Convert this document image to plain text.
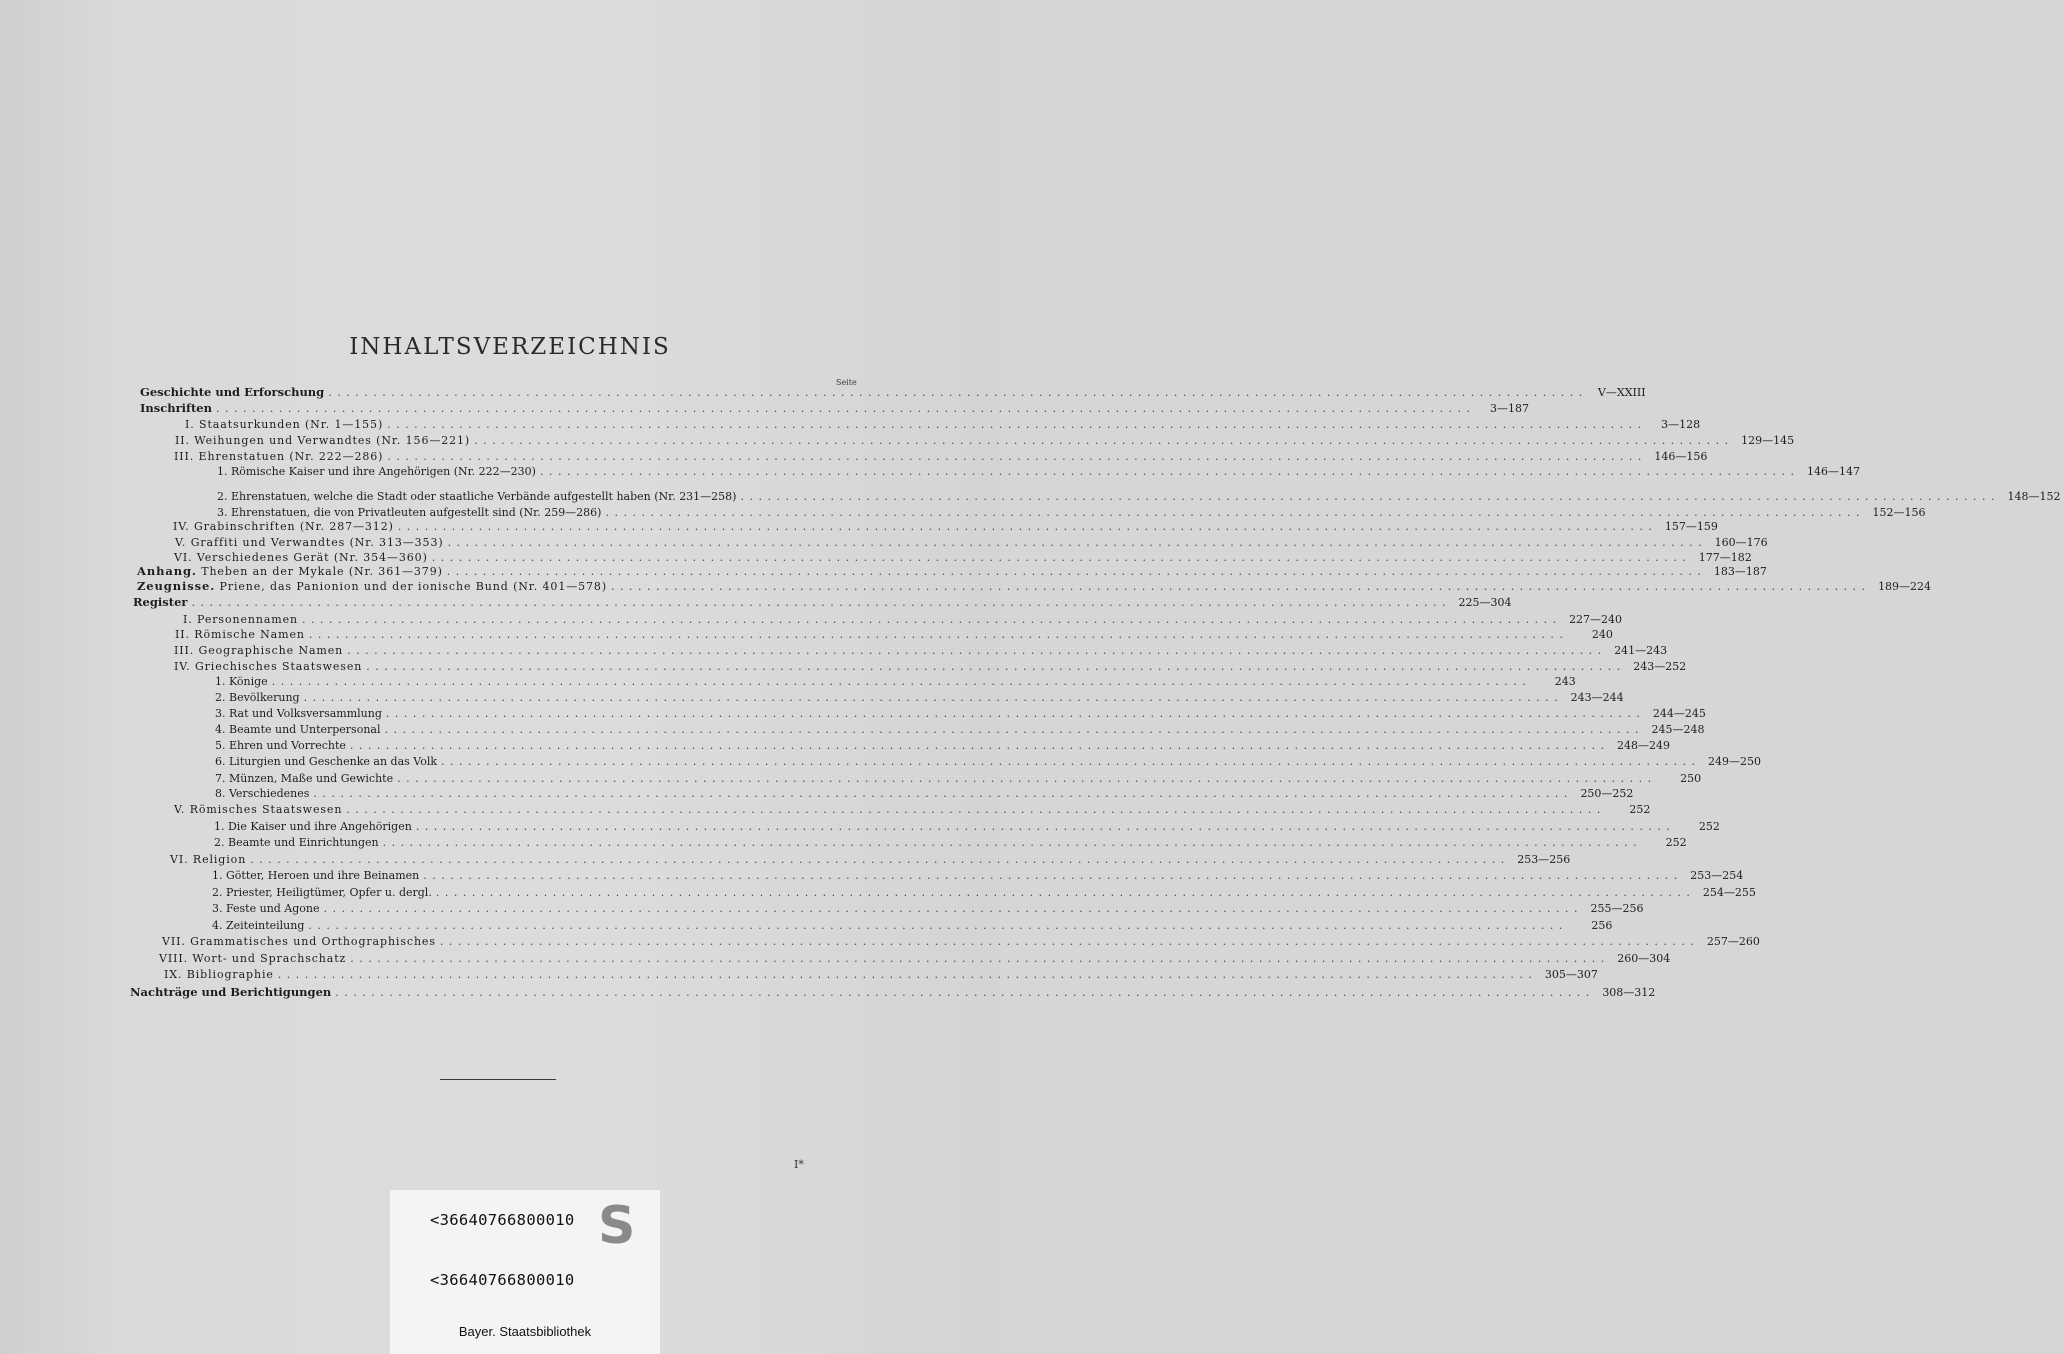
INHALTSVERZEICHNIS
Seite
Geschichte und Erforschung ............................................................................................................................................ V—XXIII
Inschriften ............................................................................................................................................	3—187
I. Staatsurkunden (Nr. 1—155) ............................................................................................................................................	3—128
II. Weihungen und Verwandtes (Nr. 156—221) ............................................................................................................................................ 129—145
III. Ehrenstatuen (Nr. 222—286) ............................................................................................................................................ 146—156
1. Römische Kaiser und ihre Angehörigen (Nr. 222—230) ............................................................................................................................................ 146—147
2. Ehrenstatuen, welche die Stadt oder staatliche Verbände aufgestellt haben (Nr. 231—258) ............................................................................................................................................ 148—152
3. Ehrenstatuen, die von Privatleuten aufgestellt sind (Nr. 259—286) ............................................................................................................................................ 152—156
IV. Grabinschriften (Nr. 287—312) ............................................................................................................................................ 157—159
V. Graffiti und Verwandtes (Nr. 313—353) ............................................................................................................................................ 160—176
VI. Verschiedenes Gerät (Nr. 354—360) ............................................................................................................................................ 177—182
Anhang. Theben an der Mykale (Nr. 361—379) ............................................................................................................................................ 183—187
Zeugnisse. Priene, das Panionion und der ionische Bund (Nr. 401—578) ............................................................................................................................................ 189—224
Register ............................................................................................................................................ 225—304
I. Personennamen ............................................................................................................................................ 227—240
II. Römische Namen ............................................................................................................................................	240
III. Geographische Namen ............................................................................................................................................ 241—243
IV. Griechisches Staatswesen ............................................................................................................................................ 243—252
1. Könige ............................................................................................................................................	243
2. Bevölkerung ............................................................................................................................................ 243—244
3. Rat und Volksversammlung ............................................................................................................................................ 244—245
4. Beamte und Unterpersonal ............................................................................................................................................ 245—248
5. Ehren und Vorrechte ............................................................................................................................................ 248—249
6. Liturgien und Geschenke an das Volk ............................................................................................................................................ 249—250
7. Münzen, Maße und Gewichte ............................................................................................................................................	250
8. Verschiedenes ............................................................................................................................................ 250—252
V. Römisches Staatswesen ............................................................................................................................................	252
1. Die Kaiser und ihre Angehörigen ............................................................................................................................................	252
2. Beamte und Einrichtungen ............................................................................................................................................	252
VI. Religion ............................................................................................................................................ 253—256
1. Götter, Heroen und ihre Beinamen ............................................................................................................................................ 253—254
2. Priester, Heiligtümer, Opfer u. dergl. ............................................................................................................................................ 254—255
3. Feste und Agone ............................................................................................................................................ 255—256
4. Zeiteinteilung ............................................................................................................................................	256
VII. Grammatisches und Orthographisches ............................................................................................................................................ 257—260
VIII. Wort- und Sprachschatz ............................................................................................................................................ 260—304
IX. Bibliographie ............................................................................................................................................ 305—307
Nachträge und Berichtigungen ............................................................................................................................................ 308—312
I*
<36640766800010 S
<36640766800010
Bayer. Staatsbibliothek
